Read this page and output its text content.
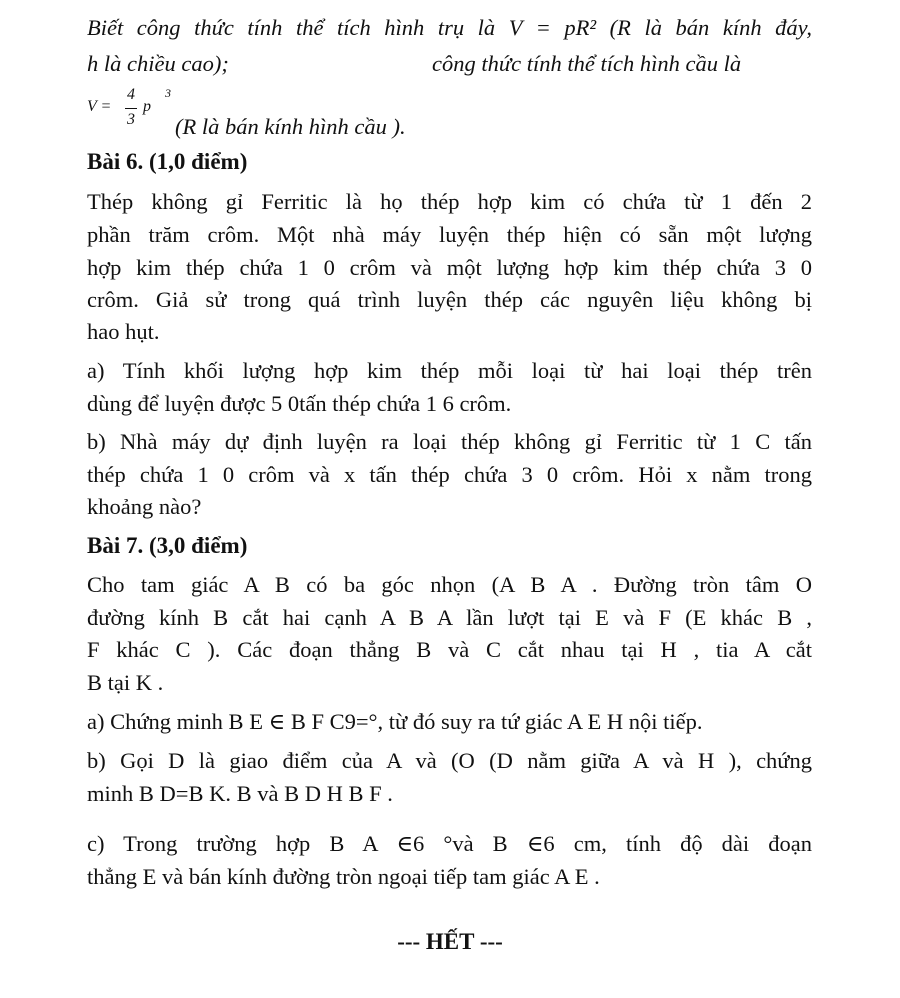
Biết công thức tính thể tích hình trụ là V = pR² (R là bán kính đáy,
h là chiều cao);	công thức tính thể tích hình cầu là
V =
4
3
p
3
(R là bán kính hình cầu ).
Bài 6. (1,0 điểm)
Thép không gỉ Ferritic là họ thép hợp kim có chứa từ 1 đến 2
phần trăm crôm. Một nhà máy luyện thép hiện có sẵn một lượng
hợp kim thép chứa 1 0 crôm và một lượng hợp kim thép chứa 3 0
crôm. Giả sử trong quá trình luyện thép các nguyên liệu không bị
hao hụt.
a) Tính khối lượng hợp kim thép mỗi loại từ hai loại thép trên
dùng để luyện được 5 0tấn thép chứa 1 6 crôm.
b) Nhà máy dự định luyện ra loại thép không gỉ Ferritic từ 1 C tấn
thép chứa 1 0 crôm và x tấn thép chứa 3 0 crôm. Hỏi x nằm trong
khoảng nào?
Bài 7. (3,0 điểm)
Cho tam giác A B có ba góc nhọn (A B A . Đường tròn tâm O
đường kính B cắt hai cạnh A B A lần lượt tại E và F (E khác B ,
F khác C ). Các đoạn thẳng B và C cắt nhau tại H , tia A cắt
B tại K .
a) Chứng minh B E ∈ B F C9=°, từ đó suy ra tứ giác A E H nội tiếp.
b) Gọi D là giao điểm của A và (O (D nằm giữa A và H ), chứng
minh B D=B K. B và B D H B F .
c) Trong trường hợp B A ∈6 °và B ∈6 cm, tính độ dài đoạn
thẳng E và bán kính đường tròn ngoại tiếp tam giác A E .
--- HẾT ---
